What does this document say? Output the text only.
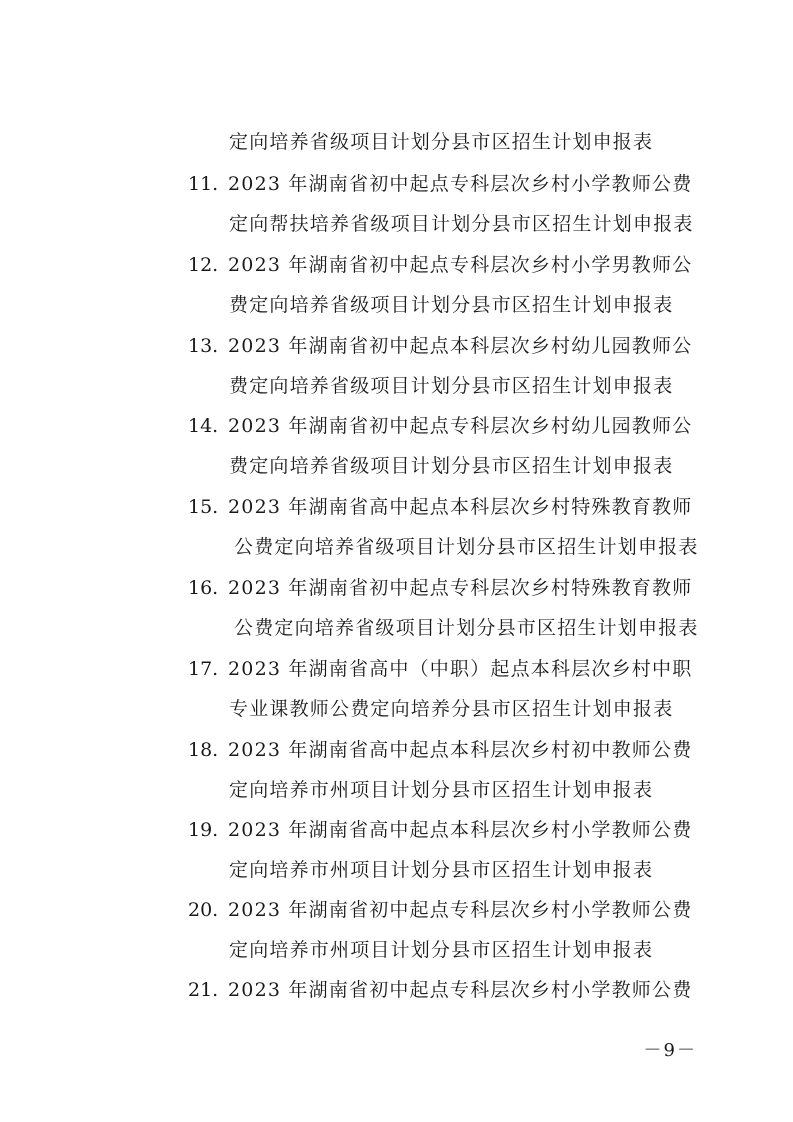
定向培养省级项目计划分县市区招生计划申报表
11. 2023 年湖南省初中起点专科层次乡村小学教师公费
定向帮扶培养省级项目计划分县市区招生计划申报表
12. 2023 年湖南省初中起点专科层次乡村小学男教师公
费定向培养省级项目计划分县市区招生计划申报表
13. 2023 年湖南省初中起点本科层次乡村幼儿园教师公
费定向培养省级项目计划分县市区招生计划申报表
14. 2023 年湖南省初中起点专科层次乡村幼儿园教师公
费定向培养省级项目计划分县市区招生计划申报表
15. 2023 年湖南省高中起点本科层次乡村特殊教育教师
公费定向培养省级项目计划分县市区招生计划申报表
16. 2023 年湖南省初中起点专科层次乡村特殊教育教师
公费定向培养省级项目计划分县市区招生计划申报表
17. 2023 年湖南省高中（中职）起点本科层次乡村中职
专业课教师公费定向培养分县市区招生计划申报表
18. 2023 年湖南省高中起点本科层次乡村初中教师公费
定向培养市州项目计划分县市区招生计划申报表
19. 2023 年湖南省高中起点本科层次乡村小学教师公费
定向培养市州项目计划分县市区招生计划申报表
20. 2023 年湖南省初中起点专科层次乡村小学教师公费
定向培养市州项目计划分县市区招生计划申报表
21. 2023 年湖南省初中起点专科层次乡村小学教师公费
－9－
